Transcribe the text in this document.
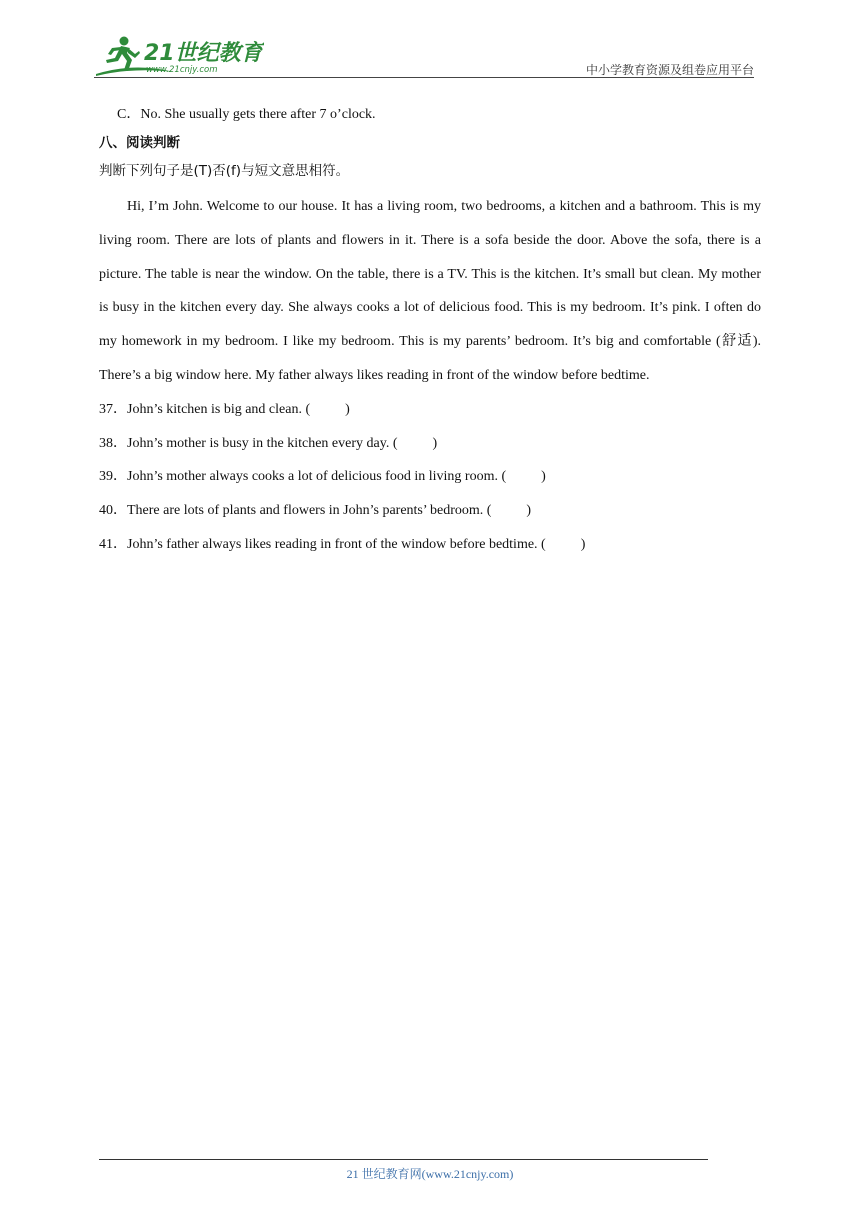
21世纪教育
www.21cnjy.com	中小学教育资源及组卷应用平台

C．No. She usually gets there after 7 o’clock.

八、阅读判断

判断下列句子是(T)否(f)与短文意思相符。

Hi, I’m John. Welcome to our house. It has a living room, two bedrooms, a kitchen and a bathroom. This is my living room. There are lots of plants and flowers in it. There is a sofa beside the door. Above the sofa, there is a picture. The table is near the window. On the table, there is a TV. This is the kitchen. It’s small but clean. My mother is busy in the kitchen every day. She always cooks a lot of delicious food. This is my bedroom. It’s pink. I often do my homework in my bedroom. I like my bedroom. This is my parents’ bedroom. It’s big and comfortable (舒适). There’s a big window here. My father always likes reading in front of the window before bedtime.

37．John’s kitchen is big and clean. (          )

38．John’s mother is busy in the kitchen every day. (          )

39．John’s mother always cooks a lot of delicious food in living room. (          )

40．There are lots of plants and flowers in John’s parents’ bedroom. (          )

41．John’s father always likes reading in front of the window before bedtime. (          )

21 世纪教育网(www.21cnjy.com)
